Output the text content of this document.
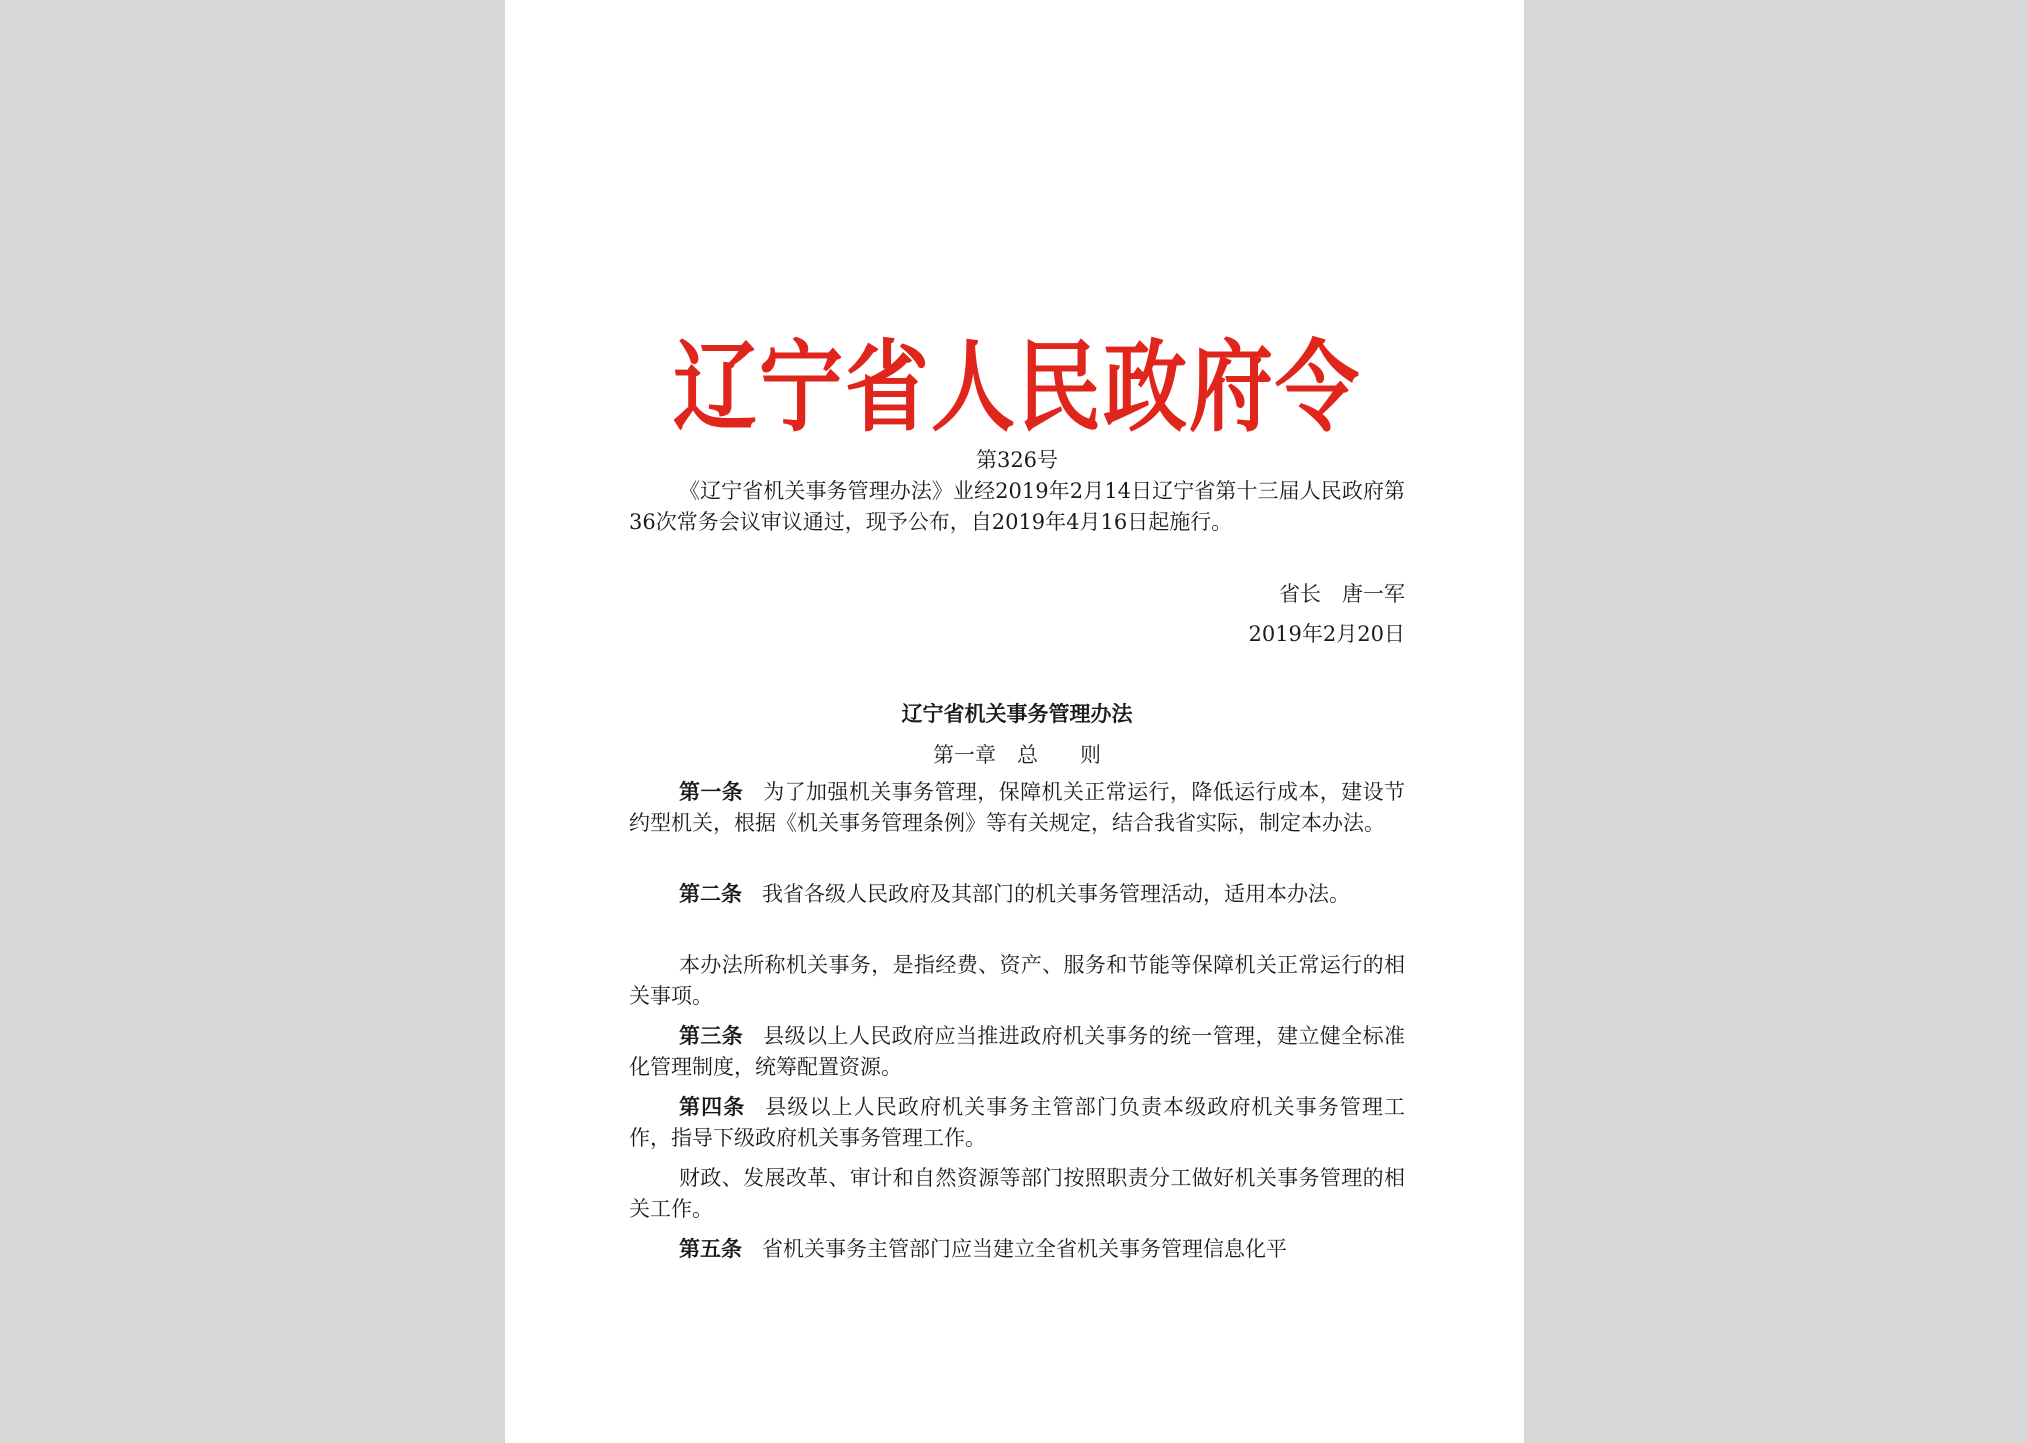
辽宁省人民政府令
第326号
《辽宁省机关事务管理办法》业经2019年2月14日辽宁省第十三届人民政府第36次常务会议审议通过，现予公布，自2019年4月16日起施行。
省长　唐一军
2019年2月20日
辽宁省机关事务管理办法
第一章　总　　则
第一条 为了加强机关事务管理，保障机关正常运行，降低运行成本，建设节约型机关，根据《机关事务管理条例》等有关规定，结合我省实际，制定本办法。
第二条 我省各级人民政府及其部门的机关事务管理活动，适用本办法。
本办法所称机关事务，是指经费、资产、服务和节能等保障机关正常运行的相关事项。
第三条 县级以上人民政府应当推进政府机关事务的统一管理，建立健全标准化管理制度，统筹配置资源。
第四条 县级以上人民政府机关事务主管部门负责本级政府机关事务管理工作，指导下级政府机关事务管理工作。
财政、发展改革、审计和自然资源等部门按照职责分工做好机关事务管理的相关工作。
第五条 省机关事务主管部门应当建立全省机关事务管理信息化平
